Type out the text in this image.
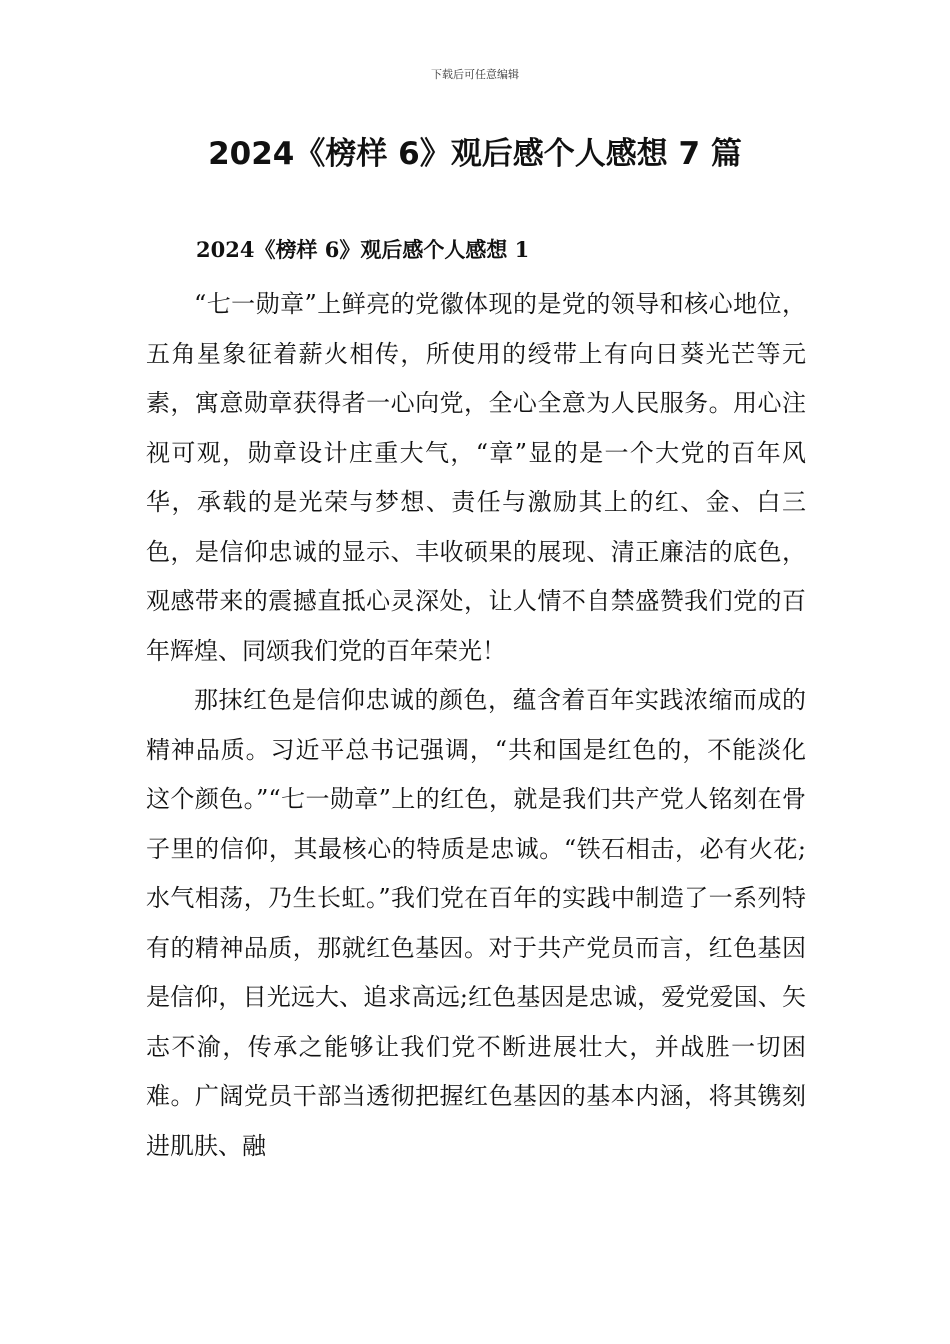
下载后可任意编辑
2024《榜样 6》观后感个人感想 7 篇
2024《榜样 6》观后感个人感想 1

“七一勋章”上鲜亮的党徽体现的是党的领导和核心地位，五角星象征着薪火相传，所使用的绶带上有向日葵光芒等元素，寓意勋章获得者一心向党，全心全意为人民服务。用心注视可观，勋章设计庄重大气，“章”显的是一个大党的百年风华，承载的是光荣与梦想、责任与激励其上的红、金、白三色，是信仰忠诚的显示、丰收硕果的展现、清正廉洁的底色，观感带来的震撼直抵心灵深处，让人情不自禁盛赞我们党的百年辉煌、同颂我们党的百年荣光！

那抹红色是信仰忠诚的颜色，蕴含着百年实践浓缩而成的精神品质。习近平总书记强调，“共和国是红色的，不能淡化这个颜色。”“七一勋章”上的红色，就是我们共产党人铭刻在骨子里的信仰，其最核心的特质是忠诚。“铁石相击，必有火花;水气相荡，乃生长虹。”我们党在百年的实践中制造了一系列特有的精神品质，那就红色基因。对于共产党员而言，红色基因是信仰，目光远大、追求高远;红色基因是忠诚，爱党爱国、矢志不渝，传承之能够让我们党不断进展壮大，并战胜一切困难。广阔党员干部当透彻把握红色基因的基本内涵，将其镌刻进肌肤、融
